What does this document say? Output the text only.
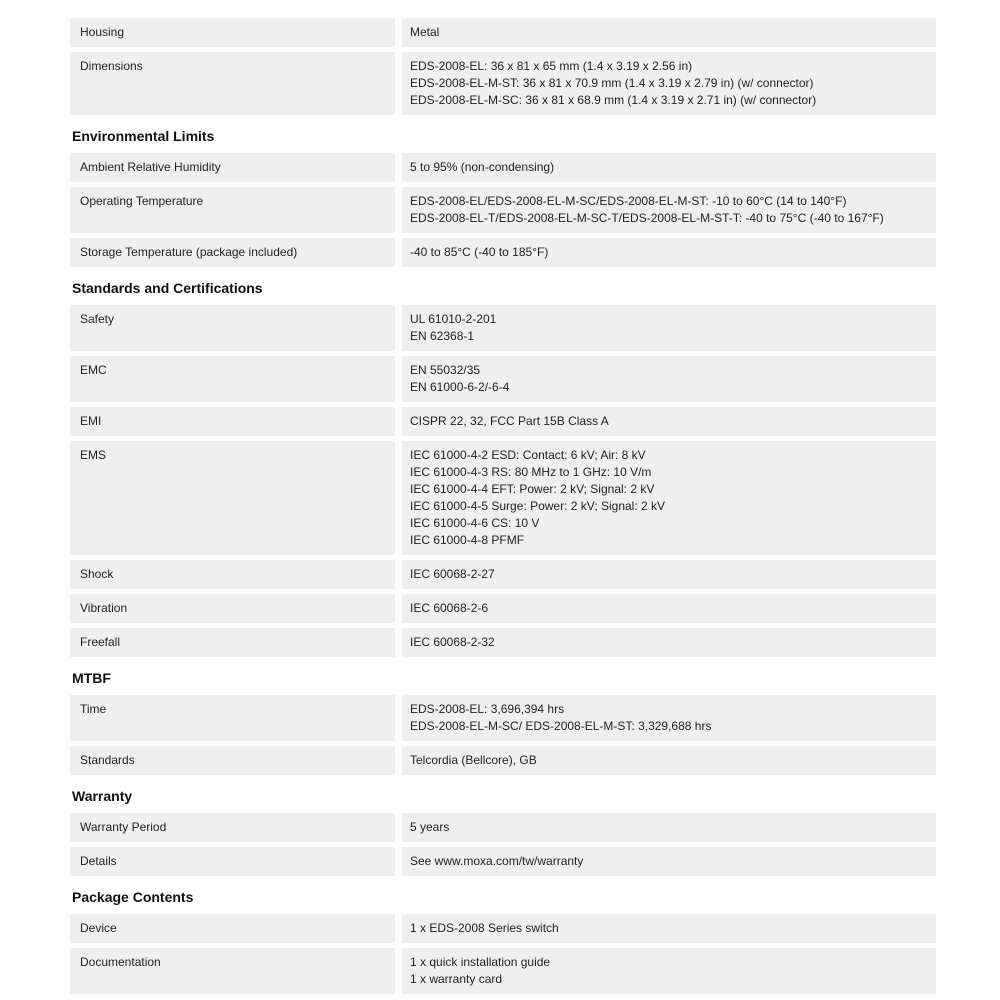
Housing	Metal
Dimensions	EDS-2008-EL: 36 x 81 x 65 mm (1.4 x 3.19 x 2.56 in)
EDS-2008-EL-M-ST: 36 x 81 x 70.9 mm (1.4 x 3.19 x 2.79 in) (w/ connector)
EDS-2008-EL-M-SC: 36 x 81 x 68.9 mm (1.4 x 3.19 x 2.71 in) (w/ connector)
Environmental Limits
Ambient Relative Humidity	5 to 95% (non-condensing)
Operating Temperature	EDS-2008-EL/EDS-2008-EL-M-SC/EDS-2008-EL-M-ST: -10 to 60°C (14 to 140°F)
EDS-2008-EL-T/EDS-2008-EL-M-SC-T/EDS-2008-EL-M-ST-T: -40 to 75°C (-40 to 167°F)
Storage Temperature (package included)	-40 to 85°C (-40 to 185°F)
Standards and Certifications
Safety	UL 61010-2-201
EN 62368-1
EMC	EN 55032/35
EN 61000-6-2/-6-4
EMI	CISPR 22, 32, FCC Part 15B Class A
EMS	IEC 61000-4-2 ESD: Contact: 6 kV; Air: 8 kV
IEC 61000-4-3 RS: 80 MHz to 1 GHz: 10 V/m
IEC 61000-4-4 EFT: Power: 2 kV; Signal: 2 kV
IEC 61000-4-5 Surge: Power: 2 kV; Signal: 2 kV
IEC 61000-4-6 CS: 10 V
IEC 61000-4-8 PFMF
Shock	IEC 60068-2-27
Vibration	IEC 60068-2-6
Freefall	IEC 60068-2-32
MTBF
Time	EDS-2008-EL: 3,696,394 hrs
EDS-2008-EL-M-SC/ EDS-2008-EL-M-ST: 3,329,688 hrs
Standards	Telcordia (Bellcore), GB
Warranty
Warranty Period	5 years
Details	See www.moxa.com/tw/warranty
Package Contents
Device	1 x EDS-2008 Series switch
Documentation	1 x quick installation guide
1 x warranty card
